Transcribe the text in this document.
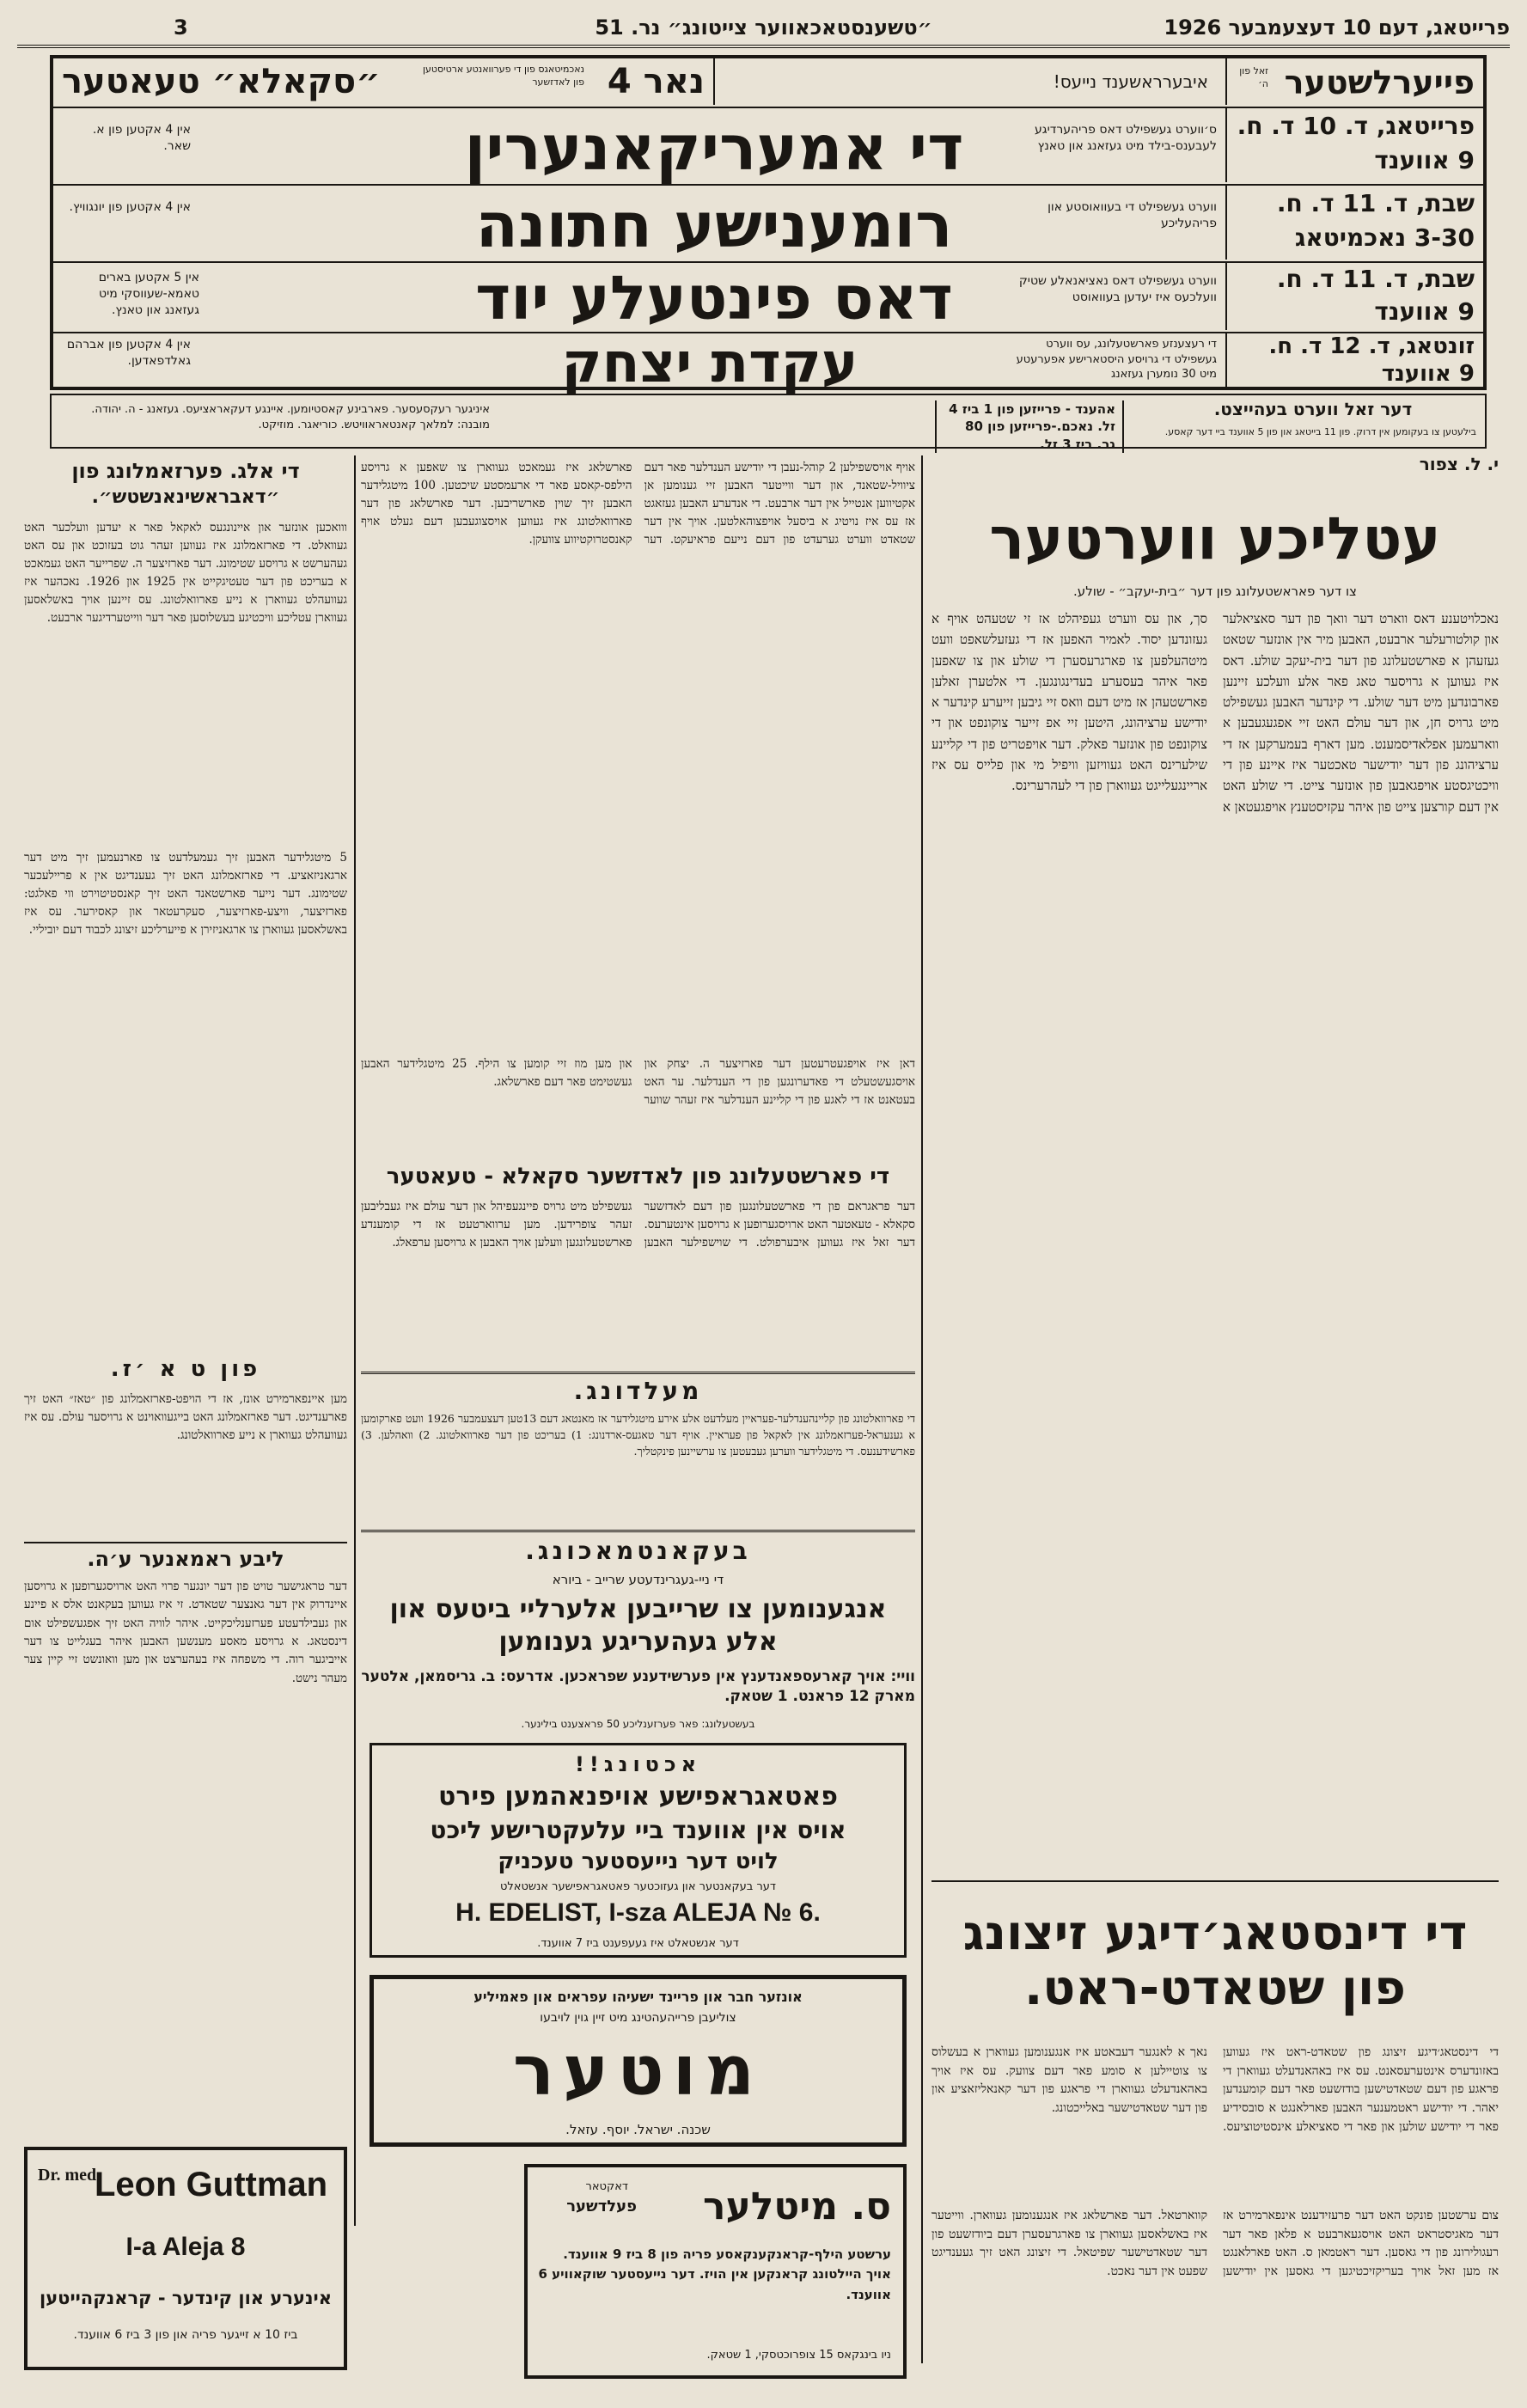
פרייטאג, דעם 10 דעצעמבער 1926
״טשענסטאכאווער צייטונג״ נר. 51
3
פייערלשטער
זאל פון ה׳
איבערראשענד נייעס!
נאר 4
נאכמיטאגס פון די פערוואנטע ארטיסטען פון לאדזשער
״סקאלא״ טעאטער
פרייטאג, ד. 10 ד. ח.
9 אווענד
ס׳ווערט געשפילט דאס פריהערדיגע לעבענס-בילד מיט געזאנג און טאנץ
די אמעריקאנערין
אין 4 אקטען פון א. שאר.
שבת, ד. 11 ד. ח.
3-30 נאכמיטאג
ווערט געשפילט די בעוואוסטע און פריהעליכע
רומענישע חתונה
אין 4 אקטען פון יונגוויץ.
שבת, ד. 11 ד. ח.
9 אווענד
ווערט געשפילט דאס נאציאנאלע שטיק וועלכעס איז יעדען בעוואוסט
דאס פינטעלע יוד
אין 5 אקטען בארים טאמא-שעווסקי מיט געזאנג און טאנץ.
זונטאג, ד. 12 ד. ח.
9 אווענד
די רעצענזע פארשטעלונג, עס ווערט געשפילט די גרויסע היסטארישע אפערעטע מיט 30 נומערן געזאנג
עקדת יצחק
אין 4 אקטען פון אברהם גאלדפאדען.
דער זאל ווערט בעהייצט.
בילעטען צו בעקומען אין דרוק. פון 11 בייטאג און פון 5 אווענד ביי דער קאסע.
אהענד - פרייזען פון 1 ביז 4 זל. נאכם.-פרייזען פון 80 גר. ביז 3 זל.
איניגער רעקסעסער. פארבינע קאסטיומען. איינגע דעקאראציעס. געזאנג - ה. יהודה. מובנה: למלאך קאנטאראוויטש. כוריאגר. מוזיקט.
י. ל. צפור
עטליכע ווערטער
צו דער פאראשטעלונג פון דער ״בית-יעקב״ - שולע.
נאכלויטענע דאס ווארט דער וואך פון דער סאציאלער און קולטורעלער ארבעט, האבען מיר אין אונזער שטאט געזעהן א פארשטעלונג פון דער בית-יעקב שולע. דאס איז געווען א גרויסער טאג פאר אלע וועלכע זיינען פארבונדען מיט דער שולע. די קינדער האבען געשפילט מיט גרויס חן, און דער עולם האט זיי אפגעגעבען א ווארעמען אפלאדיסמענט. מען דארף בעמערקען אז די ערציהונג פון דער יודישער טאכטער איז איינע פון די וויכטיגסטע אויפגאבען פון אונזער צייט. די שולע האט אין דעם קורצען צייט פון איהר עקזיסטענץ אויפגעטאן א סך, און עס ווערט געפיהלט אז זי שטעהט אויף א געזונדען יסוד. לאמיר האפען אז די געזעלשאפט וועט מיטהעלפען צו פארגרעסערן די שולע און צו שאפען פאר איהר בעסערע בעדינגונגען. די אלטערן זאלען פארשטעהן אז מיט דעם וואס זיי גיבען זייערע קינדער א יודישע ערציהונג, היטען זיי אפ זייער צוקונפט און די צוקונפט פון אונזער פאלק. דער אויפטריט פון די קליינע שילערינס האט געוויזען וויפיל מי און פלייס עס איז אריינגעלייגט געווארן פון די לעהרערינס.
די דינסטאג׳דיגע זיצונג פון שטאדט-ראט.
די דינסטאג׳דיגע זיצונג פון שטאדט-ראט איז געווען באזונדערס אינטערעסאנט. עס איז באהאנדעלט געווארן די פראגע פון דעם שטאדטישען בודזשעט פאר דעם קומענדען יאהר. די יודישע ראטמענער האבען פארלאנגט א סובסידיע פאר די יודישע שולען און פאר די סאציאלע אינסטיטוציעס. נאך א לאנגער דעבאטע איז אנגענומען געווארן א בעשלוס צו צוטיילען א סומע פאר דעם צוועק. עס איז אויך באהאנדעלט געווארן די פראגע פון דער קאנאליזאציע און פון דער שטאדטישער באלייכטונג.
צום ערשטען פונקט האט דער פרעזידענט אינפארמירט אז דער מאגיסטראט האט אויסגעארבעט א פלאן פאר דער רעגולירונג פון די גאסען. דער ראטמאן ס. האט פארלאנגט אז מען זאל אויך בעריקזיכטיגען די גאסען אין יודישען קווארטאל. דער פארשלאג איז אנגענומען געווארן. ווייטער איז באשלאסען געווארן צו פארגרעסערן דעם ביודזשעט פון דער שטאדטישער שפיטאל. די זיצונג האט זיך געענדיגט שפעט אין דער נאכט.
אויף אויסשפילען 2 קוהל-נעבן די יודישע הענדלער פאר דעם ציוויל-שטאנד, און דער ווייטער האבען זיי גענומען אן אקטיווען אנטייל אין דער ארבעט. די אנדערע האבען געזאגט אז עס איז נויטיג א ביסעל אויפצוהאלטען. אויך אין דער שטאדט ווערט גערעדט פון דעם נייעם פראיעקט. דער פארשלאג איז געמאכט געווארן צו שאפען א גרויסע הילפס-קאסע פאר די ארעמסטע שיכטען. 100 מיטגלידער האבען זיך שוין פארשריבען. דער פארשלאג פון דער פארוואלטונג איז געווען אויסצוגעבען דעם געלט אויף קאנסטרוקטיווע צוועקן.
דאן איז אויפגעטרעטען דער פארזיצער ה. יצחק און אויסגעשטעלט די פאדערונגען פון די הענדלער. ער האט בעטאנט אז די לאגע פון די קליינע הענדלער איז זעהר שווער און מען מוז זיי קומען צו הילף. 25 מיטגלידער האבען געשטימט פאר דעם פארשלאג.
די פארשטעלונג פון לאדזשער סקאלא - טעאטער
דער פראגראם פון די פארשטעלונגען פון דעם לאדזשער סקאלא - טעאטער האט ארויסגערופען א גרויסען אינטערעס. דער זאל איז געווען איבערפולט. די שוישפילער האבען געשפילט מיט גרויס פיינגעפיהל און דער עולם איז געבליבען זעהר צופרידען. מען ערווארטעט אז די קומענדע פארשטעלונגען וועלען אויך האבען א גרויסען ערפאלג.
מעלדונג.
די פארוואלטונג פון קליינהענדלער-פעראיין מעלדעט אלע אירע מיטגלידער אז מאנטאג דעם 13טען דעצעמבער 1926 וועט פארקומען א גענעראל-פערזאמלונג אין לאקאל פון פעראיין. אויף דער טאגעס-ארדנונג: 1) בעריכט פון דער פארוואלטונג. 2) וואהלען. 3) פארשידענעס. די מיטגלידער ווערען געבעטען צו ערשיינען פינקטליך.
בעקאנטמאכונג.
די ניי-געגרינדעטע שרייב - ביורא
אנגענומען צו שרייבען אלערליי ביטעס און אלע געהעריגע גענומען
וויי: אויך קארעספאנדענץ אין פערשידענע שפראכען. אדרעס: ב. גריסמאן, אלטער מארק 12 פראנט. 1 שטאק.
בעשטעלונג: פאר פערזענליכע 50 פראצענט בילינער.
אכטונג!!
פאטאגראפישע אויפנאהמען פירט
אויס אין אווענד ביי עלעקטרישע ליכט
לויט דער נייעסטער טעכניק
דער בעקאנטער און געזוכטער פאטאגראפישער אנשטאלט
H. EDELIST, I-sza ALEJA № 6.
דער אנשטאלט איז געעפענט ביז 7 אווענד.
אונזער חבר און פריינד ישעיהו עפראים און פאמיליע
צוליעבן פרייהעהטינג מיט זיין גוין לויבעו
מוטער
שכנה. ישראל. יוסף. עזאל.
ס. מיטלער
דאקטאר
פעלדשער
ערשטע הילף-קראנקענקאסע פריה פון 8 ביז 9 אווענד. אויך היילטונג קראנקען אין הויז. דער נייעסטער שוקאוויע 6 אווענד.
ניו בינגקאס 15 צופרוכטסקי, 1 שטאק.
די אלג. פערזאמלונג פון
״דאבראשינאנשטש״.
ווואכען אונזער און איינונגעס לאקאל פאר א יעדען וועלכער האט געוואלט. די פארזאמלונג איז געווען זעהר גוט בעזוכט און עס האט געהערשט א גרויסע שטימונג. דער פארזיצער ה. שפרייער האט געמאכט א בעריכט פון דער טעטיגקייט אין 1925 און 1926. נאכהער איז געוועהלט געווארן א נייע פארוואלטונג. עס זיינען אויך באשלאסען געווארן עטליכע וויכטיגע בעשלוסען פאר דער ווייטערדיגער ארבעט.
5 מיטגלידער האבען זיך געמעלדעט צו פארנעמען זיך מיט דער ארגאניזאציע. די פארזאמלונג האט זיך געענדיגט אין א פריילעכער שטימונג. דער נייער פארשטאנד האט זיך קאנסטיטוירט ווי פאלגט: פארזיצער, וויצע-פארזיצער, סעקרעטאר און קאסירער. עס איז באשלאסען געווארן צו ארגאניזירן א פייערליכע זיצונג לכבוד דעם יוביליי.
פון ט א ׳ז.
מען איינפארמירט אונז, אז די הויפט-פארזאמלונג פון ״טאז״ האט זיך פארענדיגט. דער פארזאמלונג האט בייגעוואוינט א גרויסער עולם. עס איז געוועהלט געווארן א נייע פארוואלטונג.
ליבע ראמאנער ע׳ה.
דער טראגישער טויט פון דער יונגער פרוי האט ארויסגערופען א גרויסען איינדרוק אין דער גאנצער שטאדט. זי איז געווען בעקאנט אלס א פיינע און געבילדעטע פערזענליכקייט. איהר לוויה האט זיך אפגעשפילט אום דינסטאג. א גרויסע מאסע מענשען האבען איהר בעגלייט צו דער אייביגער רוה. די משפחה איז בעהערצט און מען וואונשט זיי קיין צער מעהר נישט.
Dr. med.
Leon Guttman
I-a Aleja 8
אינערע און קינדער - קראנקהייטען
ביז 10 א זייגער פריה און פון 3 ביז 6 אווענד.
